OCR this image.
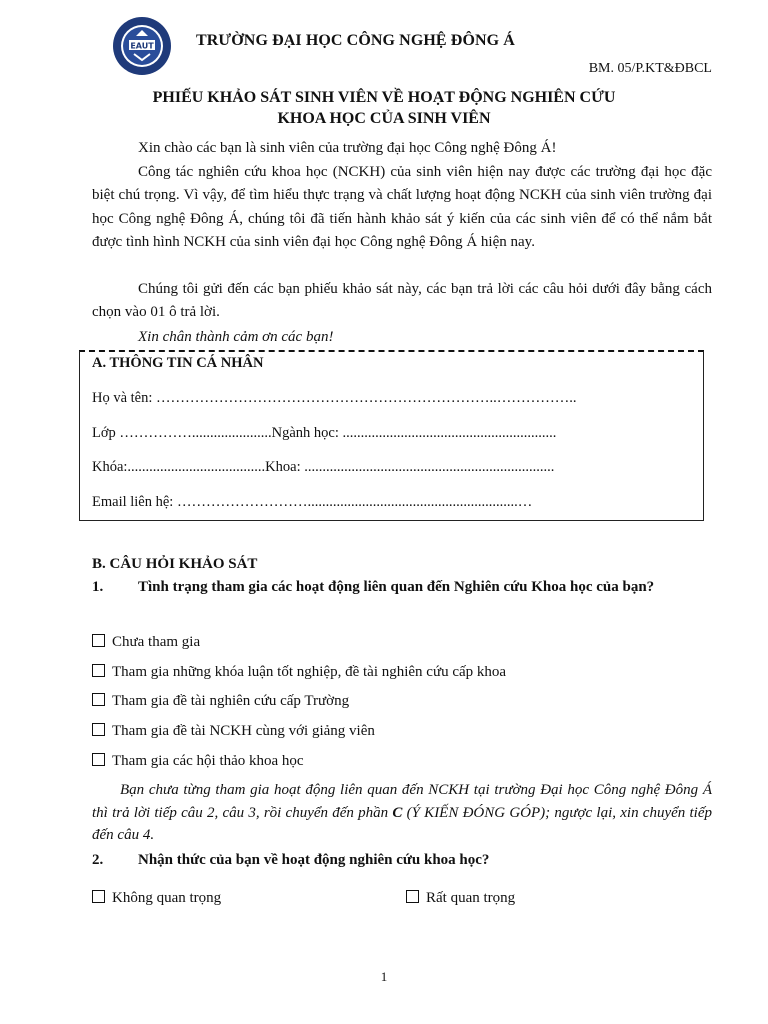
EAUT	TRƯỜNG ĐẠI HỌC CÔNG NGHỆ ĐÔNG Á
BM. 05/P.KT&ĐBCL
PHIẾU KHẢO SÁT SINH VIÊN VỀ HOẠT ĐỘNG NGHIÊN CỨU
KHOA HỌC CỦA SINH VIÊN
Xin chào các bạn là sinh viên của trường đại học Công nghệ Đông Á!
Công tác nghiên cứu khoa học (NCKH) của sinh viên hiện nay được các trường đại học đặc biệt chú trọng. Vì vậy, để tìm hiểu thực trạng và chất lượng hoạt động NCKH của sinh viên trường đại học Công nghệ Đông Á, chúng tôi đã tiến hành khảo sát ý kiến của các sinh viên để có thể nắm bắt được tình hình NCKH của sinh viên đại học Công nghệ Đông Á hiện nay.
Chúng tôi gửi đến các bạn phiếu khảo sát này, các bạn trả lời các câu hỏi dưới đây bằng cách chọn vào 01 ô trả lời.
Xin chân thành cảm ơn các bạn!
A. THÔNG TIN CÁ NHÂN
Họ và tên: ……………………………………………………………..……………..
Lớp ……………......................Ngành học: ...........................................................
Khóa:......................................Khoa: .....................................................................
Email liên hệ: ………………………..........................................................…
B. CÂU HỎI KHẢO SÁT
1. Tình trạng tham gia các hoạt động liên quan đến Nghiên cứu Khoa học của bạn?
Chưa tham gia
Tham gia những khóa luận tốt nghiệp, đề tài nghiên cứu cấp khoa
Tham gia đề tài nghiên cứu cấp Trường
Tham gia đề tài NCKH cùng với giảng viên
Tham gia các hội thảo khoa học
Bạn chưa từng tham gia hoạt động liên quan đến NCKH tại trường Đại học Công nghệ Đông Á thì trả lời tiếp câu 2, câu 3, rồi chuyển đến phần C (Ý KIẾN ĐÓNG GÓP); ngược lại, xin chuyển tiếp đến câu 4.
2. Nhận thức của bạn về hoạt động nghiên cứu khoa học?
Không quan trọng	Rất quan trọng
1
